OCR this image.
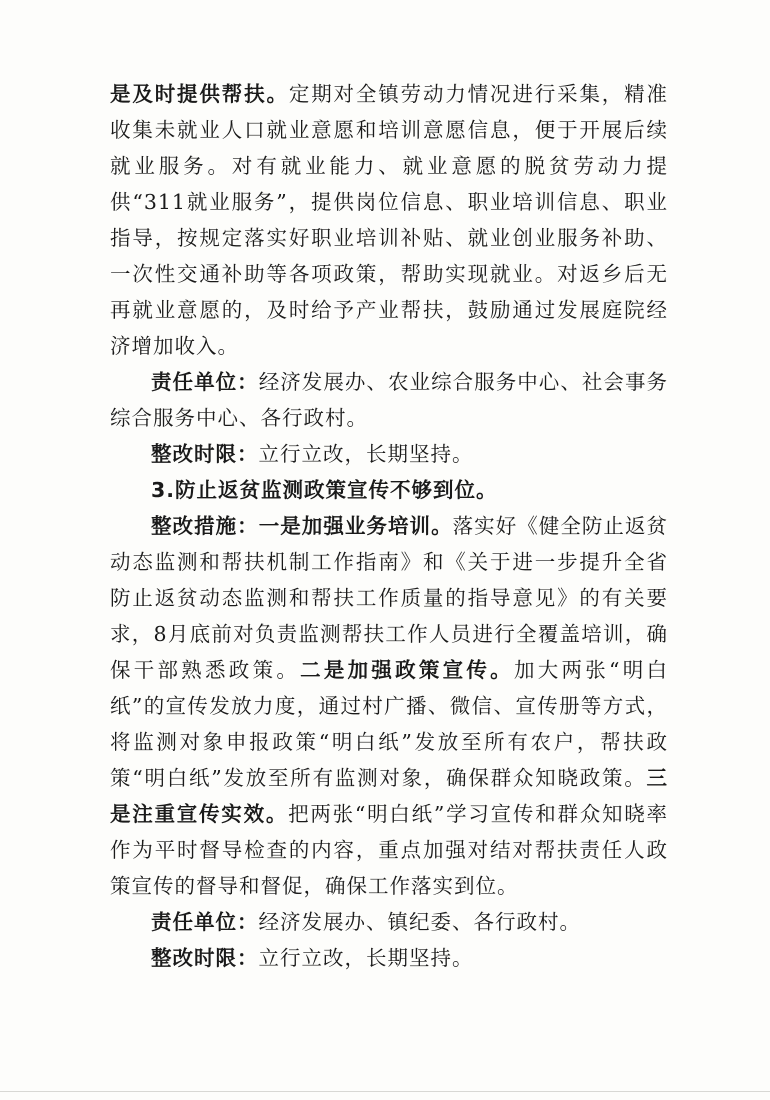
是及时提供帮扶。定期对全镇劳动力情况进行采集，精准收集未就业人口就业意愿和培训意愿信息，便于开展后续就业服务。对有就业能力、就业意愿的脱贫劳动力提供“311就业服务”，提供岗位信息、职业培训信息、职业指导，按规定落实好职业培训补贴、就业创业服务补助、一次性交通补助等各项政策，帮助实现就业。对返乡后无再就业意愿的，及时给予产业帮扶，鼓励通过发展庭院经济增加收入。

责任单位：经济发展办、农业综合服务中心、社会事务综合服务中心、各行政村。

整改时限：立行立改，长期坚持。

3.防止返贫监测政策宣传不够到位。

整改措施：一是加强业务培训。落实好《健全防止返贫动态监测和帮扶机制工作指南》和《关于进一步提升全省防止返贫动态监测和帮扶工作质量的指导意见》的有关要求，8月底前对负责监测帮扶工作人员进行全覆盖培训，确保干部熟悉政策。二是加强政策宣传。加大两张“明白纸”的宣传发放力度，通过村广播、微信、宣传册等方式，将监测对象申报政策“明白纸”发放至所有农户，帮扶政策“明白纸”发放至所有监测对象，确保群众知晓政策。三是注重宣传实效。把两张“明白纸”学习宣传和群众知晓率作为平时督导检查的内容，重点加强对结对帮扶责任人政策宣传的督导和督促，确保工作落实到位。

责任单位：经济发展办、镇纪委、各行政村。

整改时限：立行立改，长期坚持。
